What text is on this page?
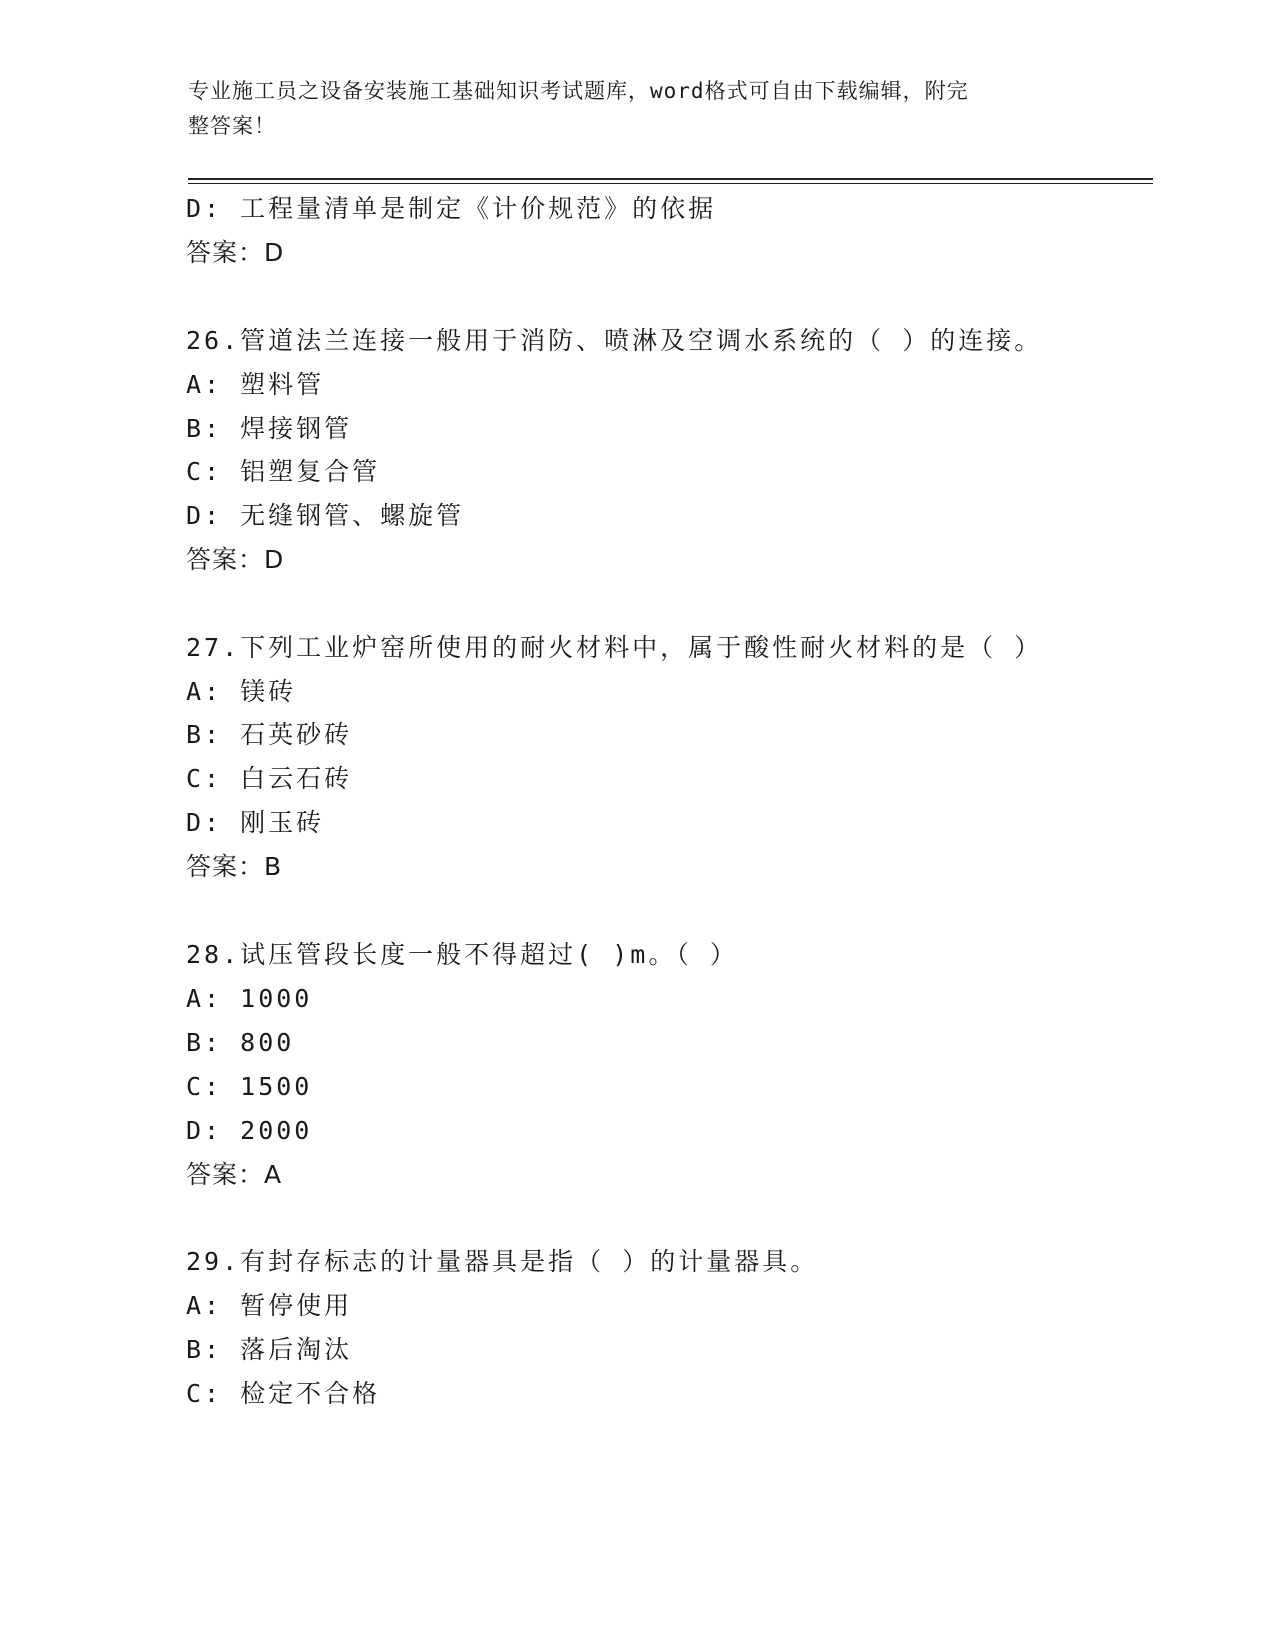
专业施工员之设备安装施工基础知识考试题库，word格式可自由下载编辑，附完
整答案！
D: 工程量清单是制定《计价规范》的依据
答案：D
26.管道法兰连接一般用于消防、喷淋及空调水系统的（ ）的连接。
A: 塑料管
B: 焊接钢管
C: 铝塑复合管
D: 无缝钢管、螺旋管
答案：D
27.下列工业炉窑所使用的耐火材料中，属于酸性耐火材料的是（ ）
A: 镁砖
B: 石英砂砖
C: 白云石砖
D: 刚玉砖
答案：B
28.试压管段长度一般不得超过( )m。（ ）
A: 1000
B: 800
C: 1500
D: 2000
答案：A
29.有封存标志的计量器具是指（ ）的计量器具。
A: 暂停使用
B: 落后淘汰
C: 检定不合格
